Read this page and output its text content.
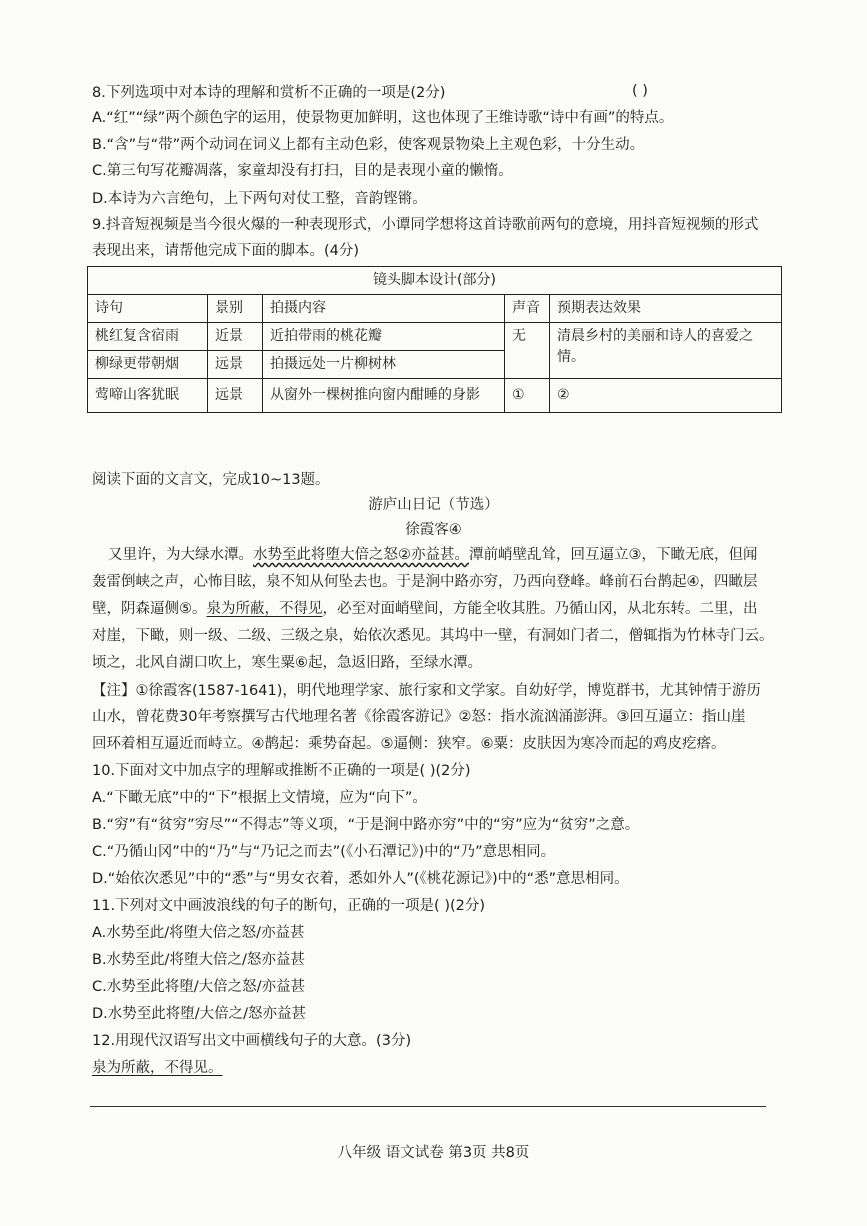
8.下列选项中对本诗的理解和赏析不正确的一项是(2分)	( )
A.“红”“绿”两个颜色字的运用，使景物更加鲜明，这也体现了王维诗歌“诗中有画”的特点。
B.“含”与“带”两个动词在词义上都有主动色彩，使客观景物染上主观色彩，十分生动。
C.第三句写花瓣凋落，家童却没有打扫，目的是表现小童的懒惰。
D.本诗为六言绝句，上下两句对仗工整，音韵铿锵。
9.抖音短视频是当今很火爆的一种表现形式，小谭同学想将这首诗歌前两句的意境，用抖音短视频的形式
表现出来，请帮他完成下面的脚本。(4分)
镜头脚本设计(部分)				
诗句	景别	拍摄内容	声音	预期表达效果
桃红复含宿雨	近景	近拍带雨的桃花瓣	无	清晨乡村的美丽和诗人的喜爱之
情。

柳绿更带朝烟	远景	拍摄远处一片柳树林		
莺啼山客犹眠	远景	从窗外一棵树推向窗内酣睡的身影	①	②
阅读下面的文言文，完成10~13题。
游庐山日记（节选）
徐霞客④
又里许，为大绿水潭。水势至此将堕大倍之怒②亦益甚。潭前峭壁乱耸，回互逼立③，下瞰无底，但闻
轰雷倒峡之声，心怖目眩，泉不知从何坠去也。于是涧中路亦穷，乃西向登峰。峰前石台鹊起④，四瞰层
壁，阴森逼侧⑤。泉为所蔽，不得见，必至对面峭壁间，方能全收其胜。乃循山冈，从北东转。二里，出
对崖，下瞰，则一级、二级、三级之泉，始依次悉见。其坞中一壁，有洞如门者二，僧辄指为竹林寺门云。
顷之，北风自湖口吹上，寒生粟⑥起，急返旧路，至绿水潭。
【注】①徐霞客(1587-1641)，明代地理学家、旅行家和文学家。自幼好学，博览群书，尤其钟情于游历
山水，曾花费30年考察撰写古代地理名著《徐霞客游记》②怒：指水流汹涌澎湃。③回互逼立：指山崖
回环着相互逼近而峙立。④鹊起：乘势奋起。⑤逼侧：狭窄。⑥粟：皮肤因为寒冷而起的鸡皮疙瘩。
10.下面对文中加点字的理解或推断不正确的一项是( )(2分)
A.“下瞰无底”中的“下”根据上文情境，应为“向下”。
B.“穷”有“贫穷”穷尽”“不得志”等义项，“于是涧中路亦穷”中的“穷”应为“贫穷”之意。
C.“乃循山冈”中的“乃”与“乃记之而去”(《小石潭记》)中的“乃”意思相同。
D.“始依次悉见”中的“悉”与“男女衣着，悉如外人”(《桃花源记》)中的“悉”意思相同。
11.下列对文中画波浪线的句子的断句，正确的一项是( )(2分)
A.水势至此/将堕大倍之怒/亦益甚
B.水势至此/将堕大倍之/怒亦益甚
C.水势至此将堕/大倍之怒/亦益甚
D.水势至此将堕/大倍之/怒亦益甚
12.用现代汉语写出文中画横线句子的大意。(3分)
泉为所蔽，不得见。
八年级 语文试卷 第3页 共8页
